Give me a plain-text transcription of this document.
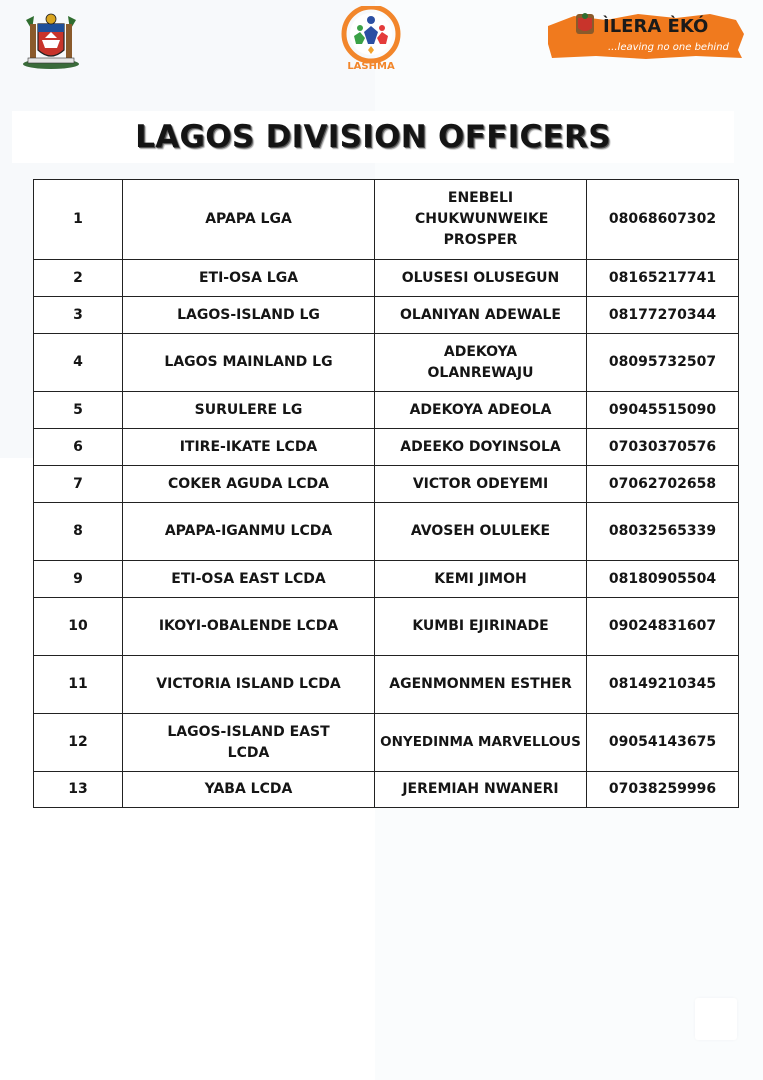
LASHMA
ÌLERA ÈKÓ
...leaving no one behind
LAGOS DIVISION OFFICERS
1	APAPA LGA	ENEBELI CHUKWUNWEIKE PROSPER	08068607302
2	ETI-OSA LGA	OLUSESI OLUSEGUN	08165217741
3	LAGOS-ISLAND LG	OLANIYAN ADEWALE	08177270344
4	LAGOS MAINLAND LG	ADEKOYA OLANREWAJU	08095732507
5	SURULERE LG	ADEKOYA ADEOLA	09045515090
6	ITIRE-IKATE LCDA	ADEEKO DOYINSOLA	07030370576
7	COKER AGUDA LCDA	VICTOR ODEYEMI	07062702658
8	APAPA-IGANMU LCDA	AVOSEH OLULEKE	08032565339
9	ETI-OSA EAST LCDA	KEMI JIMOH	08180905504
10	IKOYI-OBALENDE LCDA	KUMBI EJIRINADE	09024831607
11	VICTORIA ISLAND LCDA	AGENMONMEN ESTHER	08149210345
12	LAGOS-ISLAND EAST LCDA	ONYEDINMA MARVELLOUS	09054143675
13	YABA LCDA	JEREMIAH NWANERI	07038259996
